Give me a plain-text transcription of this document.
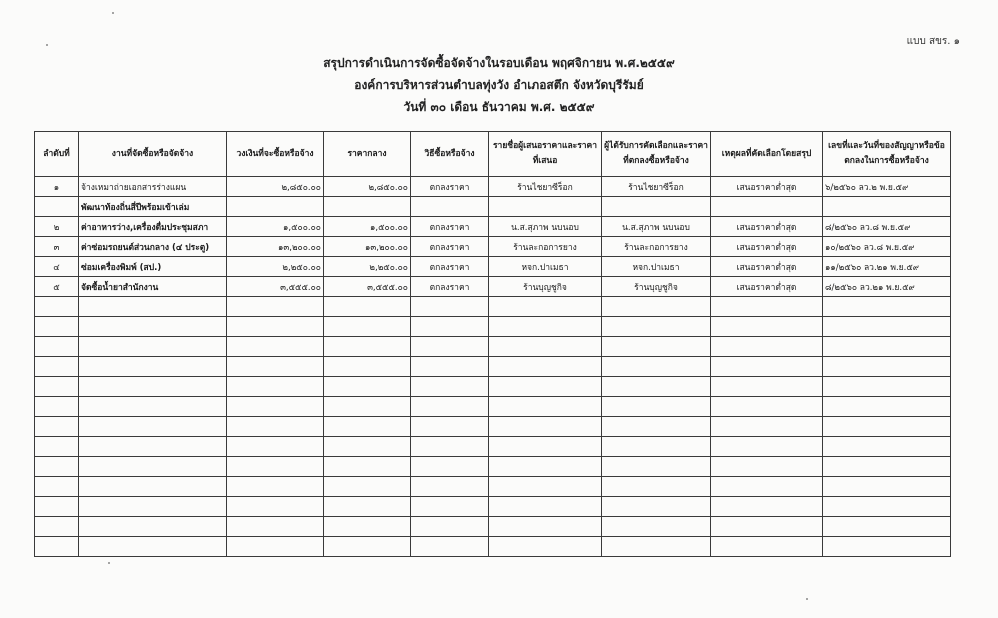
แบบ สขร. ๑
สรุปการดำเนินการจัดซื้อจัดจ้างในรอบเดือน พฤศจิกายน พ.ศ.๒๕๕๙
องค์การบริหารส่วนตำบลทุ่งวัง อำเภอสตึก จังหวัดบุรีรัมย์
วันที่ ๓๐ เดือน ธันวาคม พ.ศ. ๒๕๕๙
ลำดับที่	งานที่จัดซื้อหรือจัดจ้าง	วงเงินที่จะซื้อหรือจ้าง	ราคากลาง	วิธีซื้อหรือจ้าง	รายชื่อผู้เสนอราคาและราคาที่เสนอ	ผู้ได้รับการคัดเลือกและราคาที่ตกลงซื้อหรือจ้าง	เหตุผลที่คัดเลือกโดยสรุป	เลขที่และวันที่ของสัญญาหรือข้อตกลงในการซื้อหรือจ้าง
๑	จ้างเหมาถ่ายเอกสารร่างแผน	๒,๘๕๐.๐๐	๒,๘๕๐.๐๐	ตกลงราคา	ร้านไชยาซีร็อก	ร้านไชยาซีร็อก	เสนอราคาต่ำสุด	๖/๒๕๖๐ ลว.๒ พ.ย.๕๙
	พัฒนาท้องถิ่นสี่ปีพร้อมเข้าเล่ม							
๒	ค่าอาหารว่าง,เครื่องดื่มประชุมสภา	๑,๕๐๐.๐๐	๑,๕๐๐.๐๐	ตกลงราคา	น.ส.สุภาพ นบนอบ	น.ส.สุภาพ นบนอบ	เสนอราคาต่ำสุด	๘/๒๕๖๐ ลว.๘ พ.ย.๕๙
๓	ค่าซ่อมรถยนต์ส่วนกลาง (๔ ประตู)	๑๓,๒๐๐.๐๐	๑๓,๒๐๐.๐๐	ตกลงราคา	ร้านละกอการยาง	ร้านละกอการยาง	เสนอราคาต่ำสุด	๑๐/๒๕๖๐ ลว.๘ พ.ย.๕๙
๔	ซ่อมเครื่องพิมพ์ (สป.)	๒,๒๕๐.๐๐	๒,๒๕๐.๐๐	ตกลงราคา	หจก.ปาเมธา	หจก.ปาเมธา	เสนอราคาต่ำสุด	๑๑/๒๕๖๐ ลว.๒๑ พ.ย.๕๙
๕	จัดซื้อน้ำยาสำนักงาน	๓,๕๕๕.๐๐	๓,๕๕๕.๐๐	ตกลงราคา	ร้านบุญชูกิจ	ร้านบุญชูกิจ	เสนอราคาต่ำสุด	๘/๒๕๖๐ ลว.๒๑ พ.ย.๕๙
